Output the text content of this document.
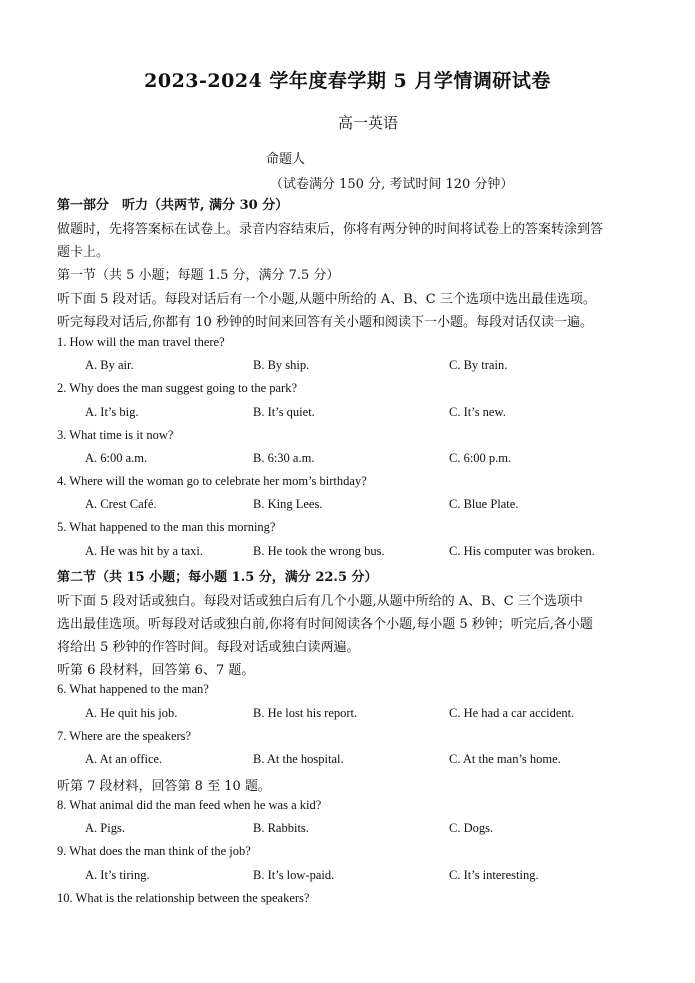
2023-2024 学年度春学期 5 月学情调研试卷
高一英语
命题人
（试卷满分 150 分, 考试时间 120 分钟）
第一部分　听力（共两节, 满分 30 分）
做题时，先将答案标在试卷上。录音内容结束后，你将有两分钟的时间将试卷上的答案转涂到答
题卡上。
第一节（共 5 小题；每题 1.5 分，满分 7.5 分）
听下面 5 段对话。每段对话后有一个小题,从题中所给的 A、B、C 三个选项中选出最佳选项。
听完每段对话后,你都有 10 秒钟的时间来回答有关小题和阅读下一小题。每段对话仅读一遍。
1. How will the man travel there?
A. By air.	B. By ship.	C. By train.
2. Why does the man suggest going to the park?
A. It’s big.	B. It’s quiet.	C. It’s new.
3. What time is it now?
A. 6:00 a.m.	B. 6:30 a.m.	C. 6:00 p.m.
4. Where will the woman go to celebrate her mom’s birthday?
A. Crest Café.	B. King Lees.	C. Blue Plate.
5. What happened to the man this morning?
A. He was hit by a taxi.	B. He took the wrong bus.	C. His computer was broken.
第二节（共 15 小题；每小题 1.5 分，满分 22.5 分）
听下面 5 段对话或独白。每段对话或独白后有几个小题,从题中所给的 A、B、C 三个选项中
选出最佳选项。听每段对话或独白前,你将有时间阅读各个小题,每小题 5 秒钟；听完后,各小题
将给出 5 秒钟的作答时间。每段对话或独白读两遍。
听第 6 段材料，回答第 6、7 题。
6. What happened to the man?
A. He quit his job.	B. He lost his report.	C. He had a car accident.
7. Where are the speakers?
A. At an office.	B. At the hospital.	C. At the man’s home.
听第 7 段材料，回答第 8 至 10 题。
8. What animal did the man feed when he was a kid?
A. Pigs.	B. Rabbits.	C. Dogs.
9. What does the man think of the job?
A. It’s tiring.	B. It’s low-paid.	C. It’s interesting.
10. What is the relationship between the speakers?
